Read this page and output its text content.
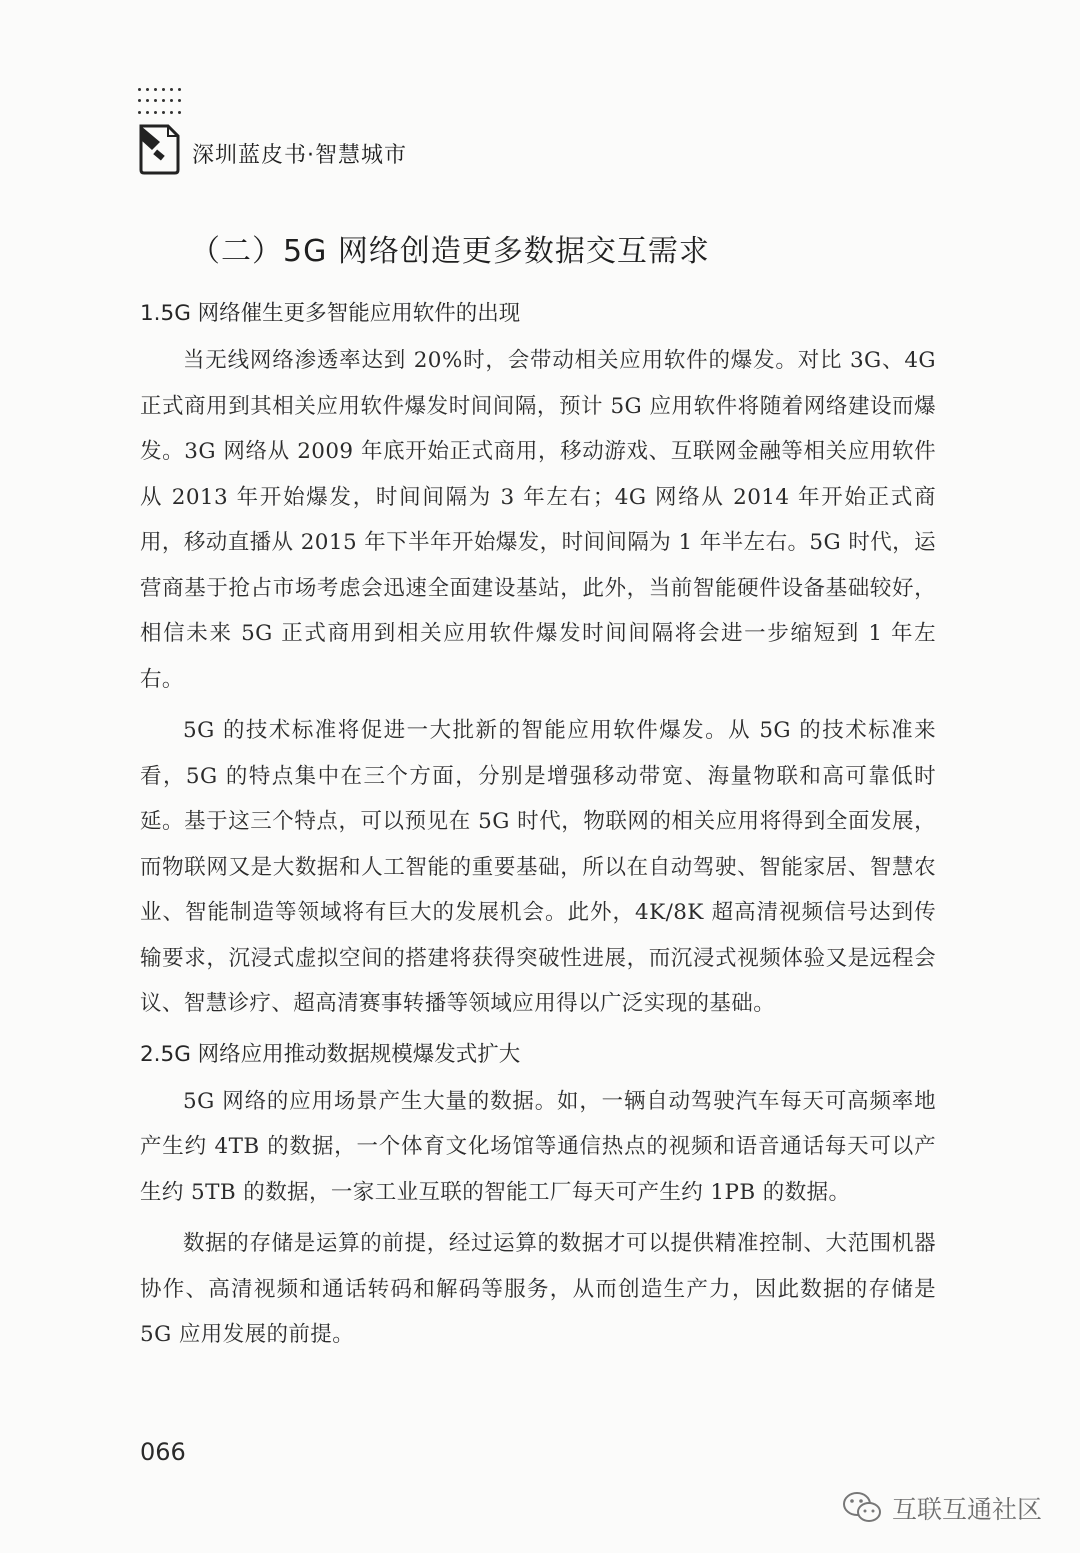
深圳蓝皮书·智慧城市
（二）5G 网络创造更多数据交互需求
1.5G 网络催生更多智能应用软件的出现

当无线网络渗透率达到 20%时，会带动相关应用软件的爆发。对比 3G、4G 正式商用到其相关应用软件爆发时间间隔，预计 5G 应用软件将随着网络建设而爆发。3G 网络从 2009 年底开始正式商用，移动游戏、互联网金融等相关应用软件从 2013 年开始爆发，时间间隔为 3 年左右；4G 网络从 2014 年开始正式商用，移动直播从 2015 年下半年开始爆发，时间间隔为 1 年半左右。5G 时代，运营商基于抢占市场考虑会迅速全面建设基站，此外，当前智能硬件设备基础较好，相信未来 5G 正式商用到相关应用软件爆发时间间隔将会进一步缩短到 1 年左右。

5G 的技术标准将促进一大批新的智能应用软件爆发。从 5G 的技术标准来看，5G 的特点集中在三个方面，分别是增强移动带宽、海量物联和高可靠低时延。基于这三个特点，可以预见在 5G 时代，物联网的相关应用将得到全面发展，而物联网又是大数据和人工智能的重要基础，所以在自动驾驶、智能家居、智慧农业、智能制造等领域将有巨大的发展机会。此外，4K/8K 超高清视频信号达到传输要求，沉浸式虚拟空间的搭建将获得突破性进展，而沉浸式视频体验又是远程会议、智慧诊疗、超高清赛事转播等领域应用得以广泛实现的基础。

2.5G 网络应用推动数据规模爆发式扩大

5G 网络的应用场景产生大量的数据。如，一辆自动驾驶汽车每天可高频率地产生约 4TB 的数据，一个体育文化场馆等通信热点的视频和语音通话每天可以产生约 5TB 的数据，一家工业互联的智能工厂每天可产生约 1PB 的数据。

数据的存储是运算的前提，经过运算的数据才可以提供精准控制、大范围机器协作、高清视频和通话转码和解码等服务，从而创造生产力，因此数据的存储是 5G 应用发展的前提。

066
互联互通社区
